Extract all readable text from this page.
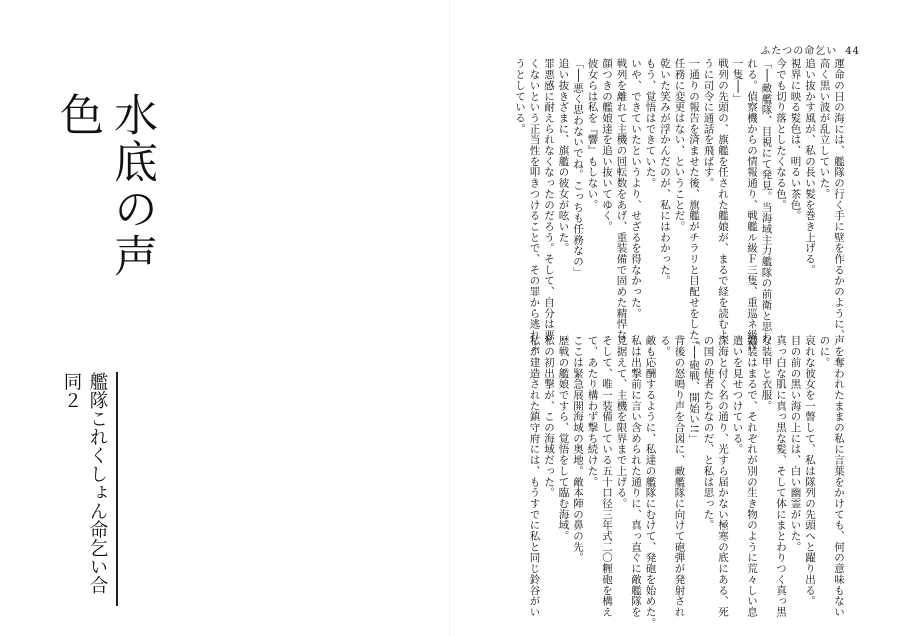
水底の声色
艦隊これくしょん命乞い合同２
ふたつの命乞い 44
運命の日の海には、艦隊の行く手に壁を作るかのように、
高く黒い波が乱立していた。
追い抜かす風が、私の長い髪を巻き上げる。
視界に映る髪色は、明るい茶色。
今でも切り落としたくなる色。
「──敵艦隊、目視にて発見。当海域主力艦隊の前衛と思わ
れる。偵察機からの情報通り、戦艦ル級Ｆ三隻、重巡ネ級Ｎ
一隻──」
戦列の先頭の、旗艦を任された艦娘が、まるで経を読むよ
うに司令に通話を飛ばす。
一通りの報告を済ませた後、旗艦がチラリと目配せをした。
任務に変更はない、ということだ。
乾いた笑みが浮かんだのが、私にはわかった。
もう、覚悟はできていた。
いや、できていたというより、せざるを得なかった。
戦列を離れて主機の回転数をあげ、重装備で固めた精悍な
顔つきの艦娘達を追い抜いてゆく。
彼女らは私を『響』もしない。
「──悪く思わないでね。こっちも任務なの」
追い抜きざまに、旗艦の彼女が呟いた。
罪悪感に耐えられなくなったのだろう。そして、自分は悪
くないという正当性を叩きつけることで、その罪から逃れよ
うとしている。
声を奪われたままの私に言葉をかけても、何の意味もない
のに。
哀れな彼女を一瞥して、私は隊列の先頭へと躍り出る。
目の前の黒い海の上には、白い幽霊がいた。
真っ白な肌に真っ黒な髪、そして体にまとわりつく真っ黒
な装甲と衣服。
纏装はまるで、それぞれが別の生き物のように荒々しい息
遣いを見せつけている。
深海と付く名の通り、光すら届かない極寒の底にある、死
の国の使者たちなのだ、と私は思った。
「──砲戦、開始い!!」
背後の怒鳴り声を合図に、敵艦隊に向けて砲弾が発射され
る。
敵も応酬するように、私達の艦隊にむけて、発砲を始めた。
私は出撃前に言い含められた通りに、真っ直ぐに敵艦隊を
見据えて、主機を限界まで上げる。
そして、唯一装備している五十口径三年式二〇糎砲を構え
て、あたり構わず撃ち続けた。
ここは緊急展開海域の奥地。敵本陣の鼻の先。
歴戦の艦娘ですら、覚悟をして臨む海域。
私の初出撃が、この海域だった。
私が建造された鎮守府には、もうすでに私と同じ鈴谷がい
